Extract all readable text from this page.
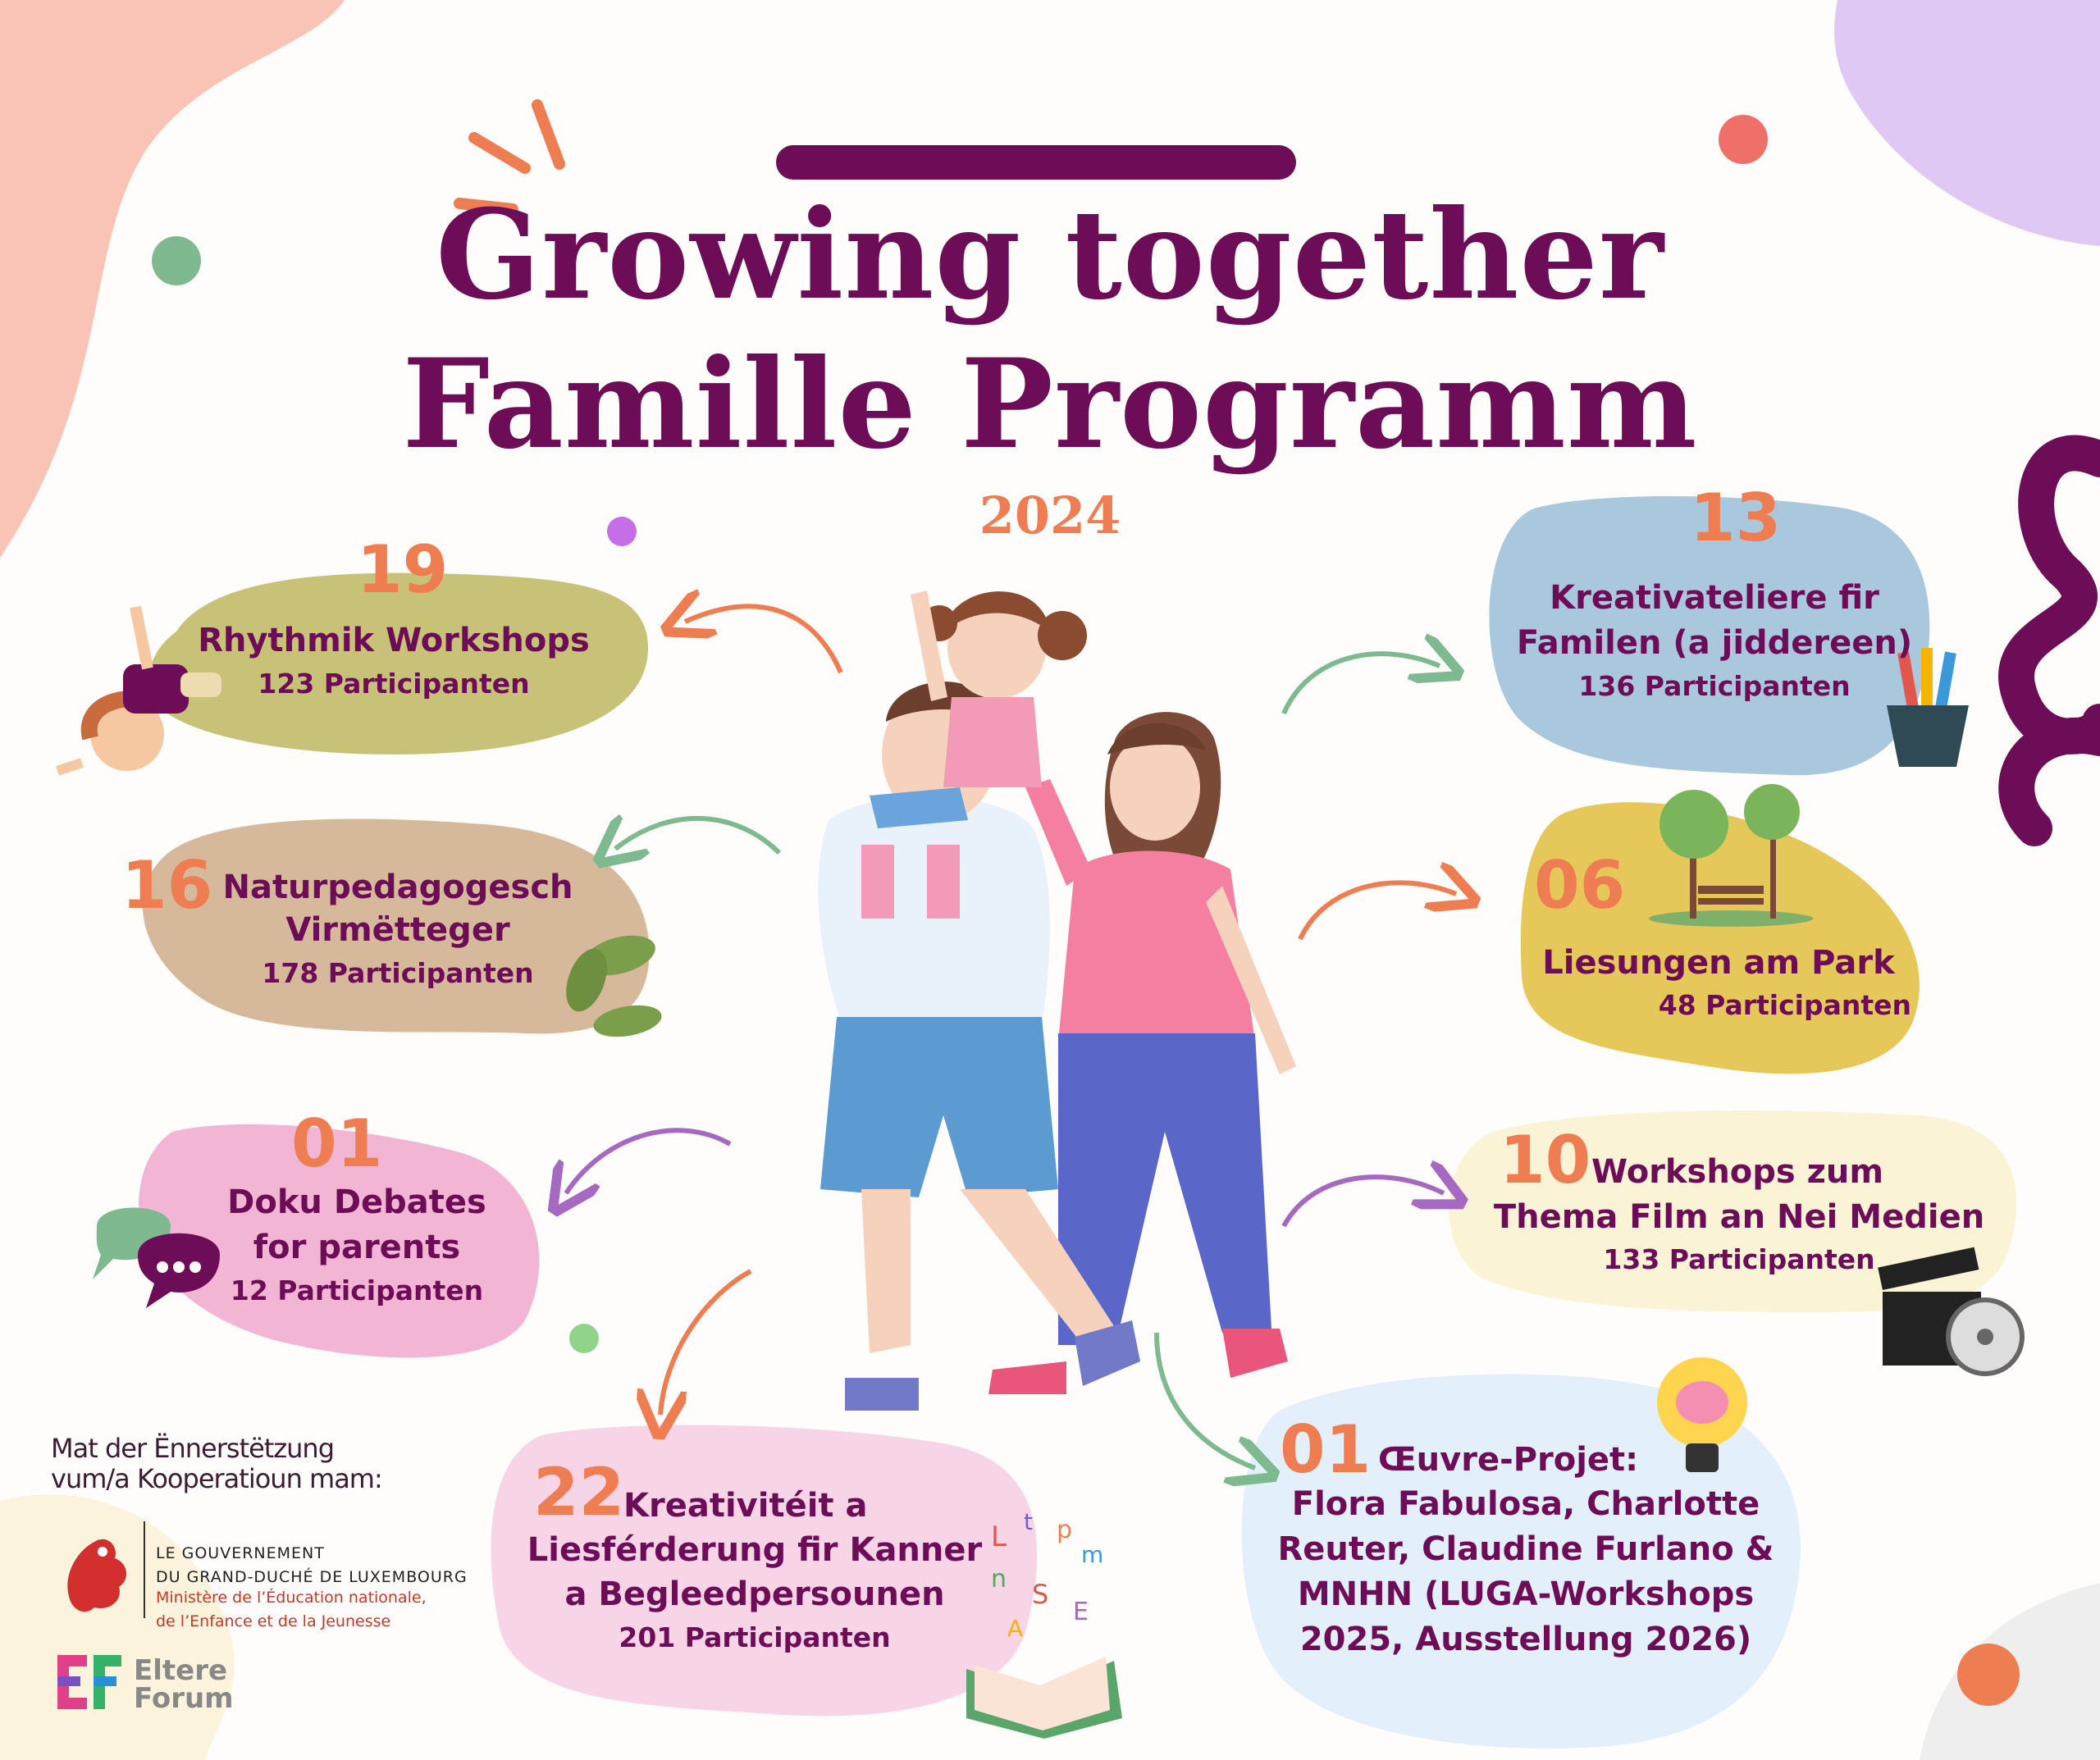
Growing together
Famille Programm
2024
L t p
m
n S
E
A
19
Rhythmik Workshops
123 Participanten
16 Naturpedagogesch
Virmëtteger
178 Participanten
01
Doku Debates
for parents
12 Participanten
22
Kreativitéit a
Liesférderung fir Kanner
a Begleedpersounen
201 Participanten
13
Kreativateliere fir
Familen (a jiddereen)
136 Participanten
06
Liesungen am Park
48 Participanten
10 Workshops zum
Thema Film an Nei Medien
133 Participanten
01 Œuvre-Projet:
Flora Fabulosa, Charlotte
Reuter, Claudine Furlano &
MNHN (LUGA-Workshops
2025, Ausstellung 2026)
Mat der Ënnerstëtzung
vum/a Kooperatioun mam:
LE GOUVERNEMENT
DU GRAND-DUCHÉ DE LUXEMBOURG
Ministère de l’Éducation nationale,
de l’Enfance et de la Jeunesse
Eltere
Forum
